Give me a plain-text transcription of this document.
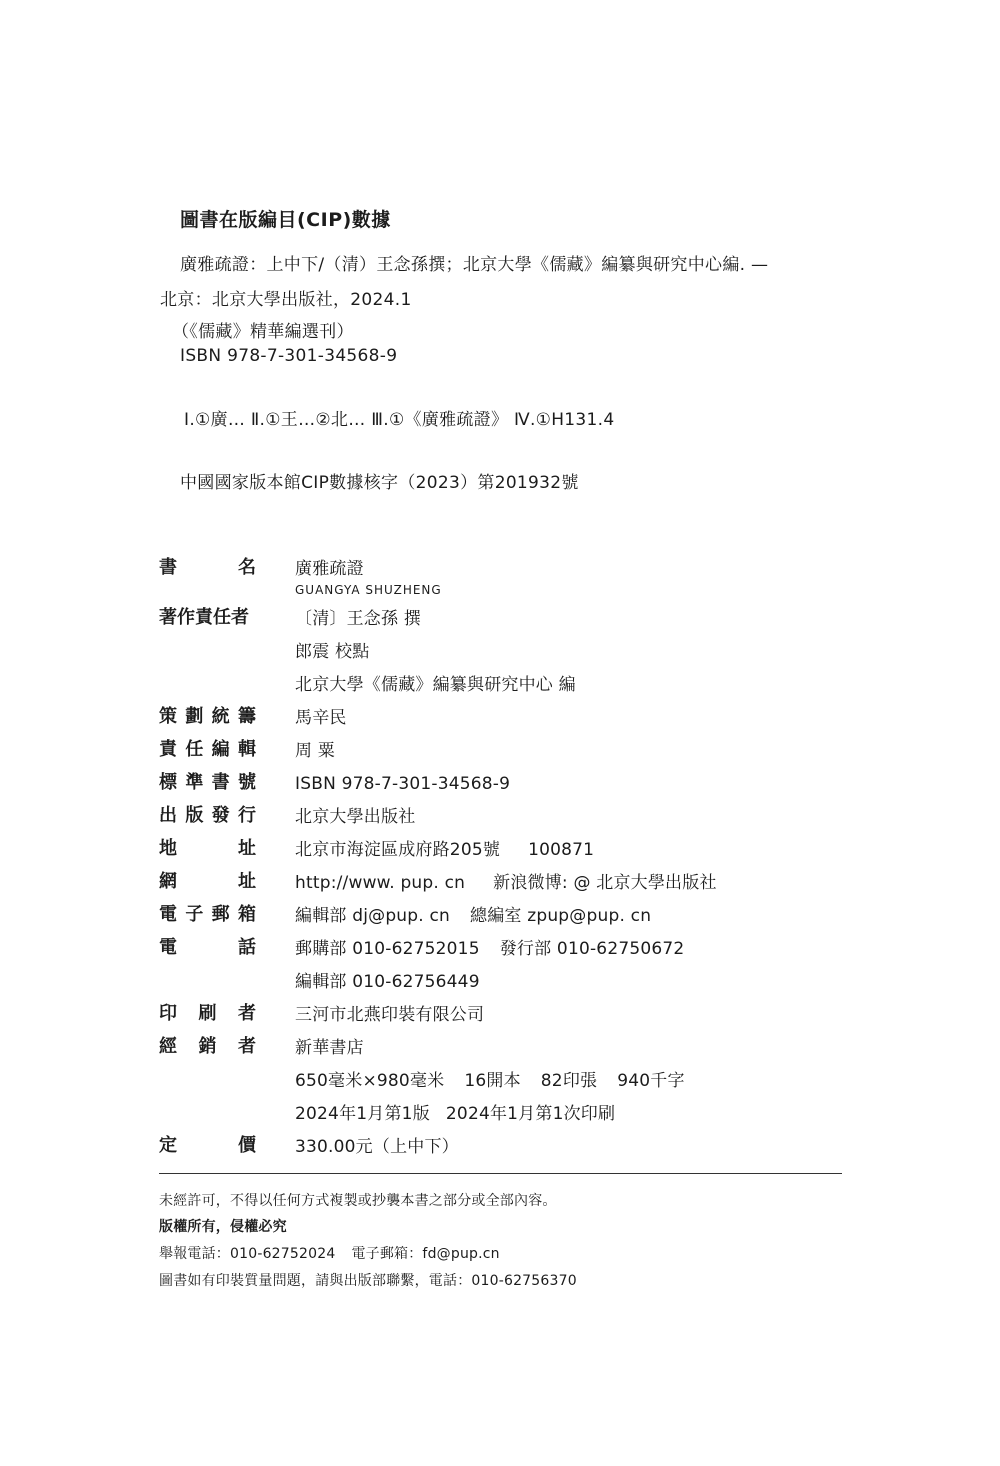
圖書在版編目(CIP)數據
廣雅疏證：上中下/（清）王念孫撰；北京大學《儒藏》編纂與研究中心編. —
北京：北京大學出版社，2024.1
（《儒藏》精華編選刊）
ISBN 978-7-301-34568-9
Ⅰ.①廣… Ⅱ.①王…②北… Ⅲ.①《廣雅疏證》 Ⅳ.①H131.4
中國國家版本館CIP數據核字（2023）第201932號
書	名 廣雅疏證
GUANGYA SHUZHENG
著作責任者	〔清〕王念孫 撰
郎震 校點
北京大學《儒藏》編纂與研究中心 編
策 劃 統 籌 馬辛民
責 任 編 輯 周 粟
標 準 書 號 ISBN 978-7-301-34568-9
出 版 發 行 北京大學出版社
地	址 北京市海淀區成府路205號 100871
網	址 http://www. pup. cn 新浪微博: @ 北京大學出版社
電 子 郵 箱 編輯部 dj@pup. cn 總編室 zpup@pup. cn
電	話 郵購部 010-62752015 發行部 010-62750672
編輯部 010-62756449
印 刷 者 三河市北燕印裝有限公司
經 銷 者 新華書店
650毫米×980毫米 16開本 82印張 940千字
2024年1月第1版 2024年1月第1次印刷
定	價 330.00元（上中下）
未經許可，不得以任何方式複製或抄襲本書之部分或全部內容。
版權所有，侵權必究
舉報電話：010-62752024 電子郵箱：fd@pup.cn
圖書如有印裝質量問題，請與出版部聯繫，電話：010-62756370
